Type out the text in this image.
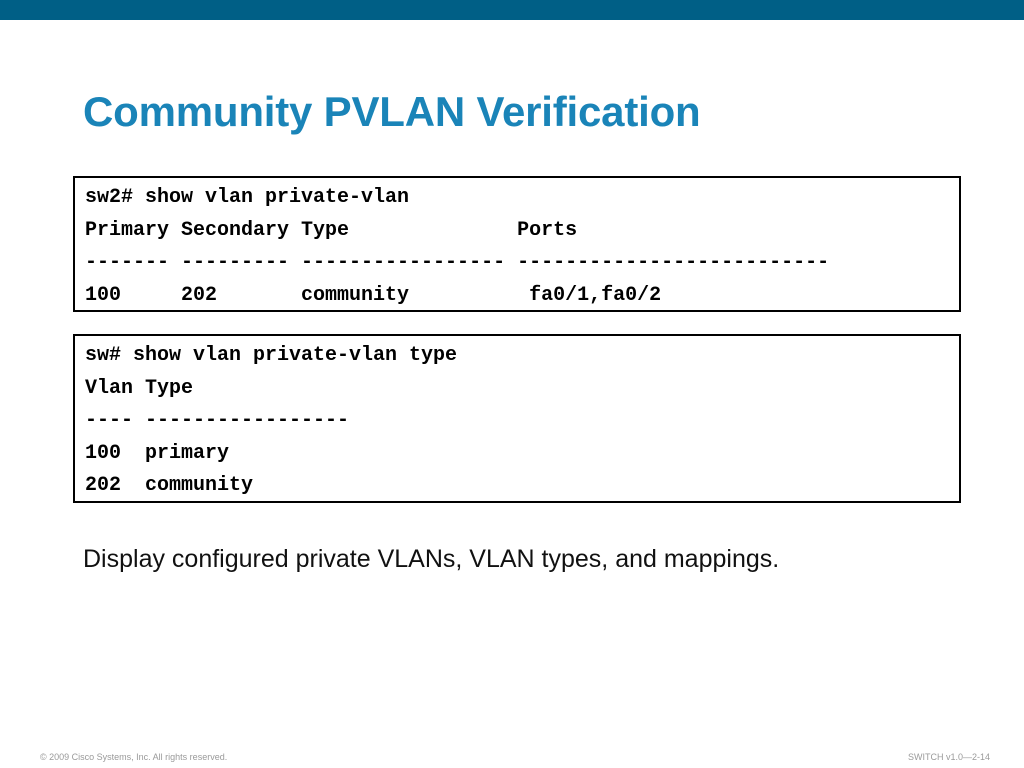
Community PVLAN Verification
sw2# show vlan private-vlan
Primary Secondary Type              Ports
------- --------- ----------------- --------------------------
100     202       community          fa0/1,fa0/2
sw# show vlan private-vlan type
Vlan Type
---- -----------------
100  primary
202  community

Display configured private VLANs, VLAN types, and mappings.

© 2009 Cisco Systems, Inc. All rights reserved.	SWITCH v1.0—2-14
